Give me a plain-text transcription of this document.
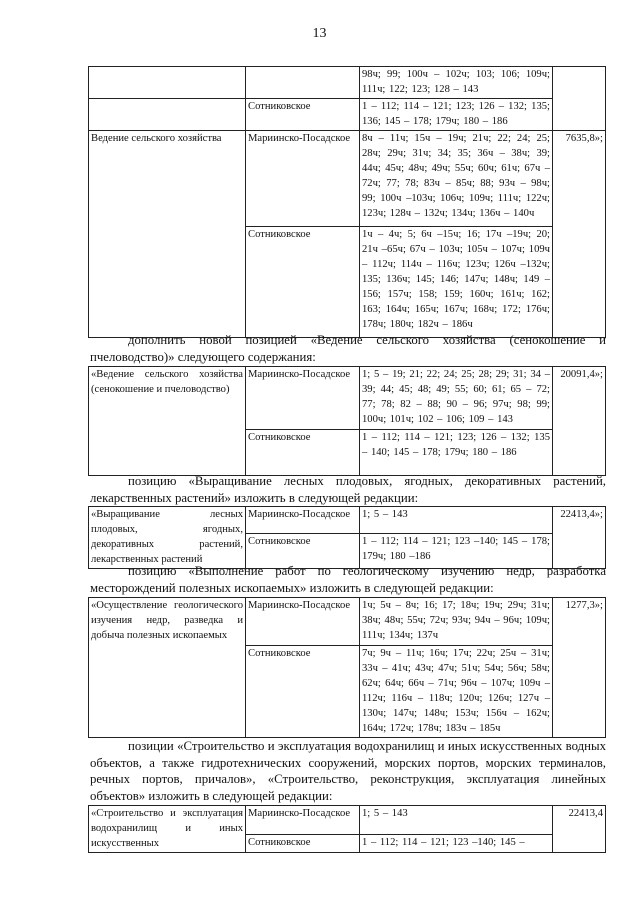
13
		98ч; 99; 100ч – 102ч; 103; 106; 109ч; 111ч; 122; 123; 128 – 143	
	Сотниковское	1 – 112; 114 – 121; 123; 126 – 132; 135; 136; 145 – 178; 179ч; 180 – 186	
Ведение сельского хозяйства	Мариинско-Посадское	8ч – 11ч; 15ч – 19ч; 21ч; 22; 24; 25; 28ч; 29ч; 31ч; 34; 35; 36ч – 38ч; 39; 44ч; 45ч; 48ч; 49ч; 55ч; 60ч; 61ч; 67ч – 72ч; 77; 78; 83ч – 85ч; 88; 93ч – 98ч; 99; 100ч –103ч; 106ч; 109ч; 111ч; 122ч; 123ч; 128ч – 132ч; 134ч; 136ч – 140ч	7635,8»;
	Сотниковское	1ч – 4ч; 5; 6ч –15ч; 16; 17ч –19ч; 20; 21ч –65ч; 67ч – 103ч; 105ч – 107ч; 109ч – 112ч; 114ч – 116ч; 123ч; 126ч –132ч; 135; 136ч; 145; 146; 147ч; 148ч; 149 – 156; 157ч; 158; 159; 160ч; 161ч; 162; 163; 164ч; 165ч; 167ч; 168ч; 172; 176ч; 178ч; 180ч; 182ч – 186ч	
дополнить новой позицией «Ведение сельского хозяйства (сенокошение и пчеловодство)» следующего содержания:
«Ведение сельского хозяйства (сенокошение и пчеловодство)	Мариинско-Посадское	1; 5 – 19; 21; 22; 24; 25; 28; 29; 31; 34 – 39; 44; 45; 48; 49; 55; 60; 61; 65 – 72; 77; 78; 82 – 88; 90 – 96; 97ч; 98; 99; 100ч; 101ч; 102 – 106; 109 – 143	20091,4»;
	Сотниковское	1 – 112; 114 – 121; 123; 126 – 132; 135 – 140; 145 – 178; 179ч; 180 – 186	
позицию «Выращивание лесных плодовых, ягодных, декоративных растений, лекарственных растений» изложить в следующей редакции:
«Выращивание лесных плодовых, ягодных, декоративных растений, лекарственных растений	Мариинско-Посадское	1; 5 – 143	22413,4»;
	Сотниковское	1 – 112; 114 – 121; 123 –140; 145 – 178; 179ч; 180 –186	
позицию «Выполнение работ по геологическому изучению недр, разработка месторождений полезных ископаемых» изложить в следующей редакции:
«Осуществление геологического изучения недр, разведка и добыча полезных ископаемых	Мариинско-Посадское	1ч; 5ч – 8ч; 16; 17; 18ч; 19ч; 29ч; 31ч; 38ч; 48ч; 55ч; 72ч; 93ч; 94ч – 96ч; 109ч; 111ч; 134ч; 137ч	1277,3»;
	Сотниковское	7ч; 9ч – 11ч; 16ч; 17ч; 22ч; 25ч – 31ч; 33ч – 41ч; 43ч; 47ч; 51ч; 54ч; 56ч; 58ч; 62ч; 64ч; 66ч – 71ч; 96ч – 107ч; 109ч – 112ч; 116ч – 118ч; 120ч; 126ч; 127ч – 130ч; 147ч; 148ч; 153ч; 156ч – 162ч; 164ч; 172ч; 178ч; 183ч – 185ч	
позиции «Строительство и эксплуатация водохранилищ и иных искусственных водных объектов, а также гидротехнических сооружений, морских портов, морских терминалов, речных портов, причалов», «Строительство, реконструкция, эксплуатация линейных объектов» изложить в следующей редакции:
«Строительство и эксплуатация водохранилищ и иных искусственных	Мариинско-Посадское	1; 5 – 143	22413,4
	Сотниковское	1 – 112; 114 – 121; 123 –140; 145 –	
